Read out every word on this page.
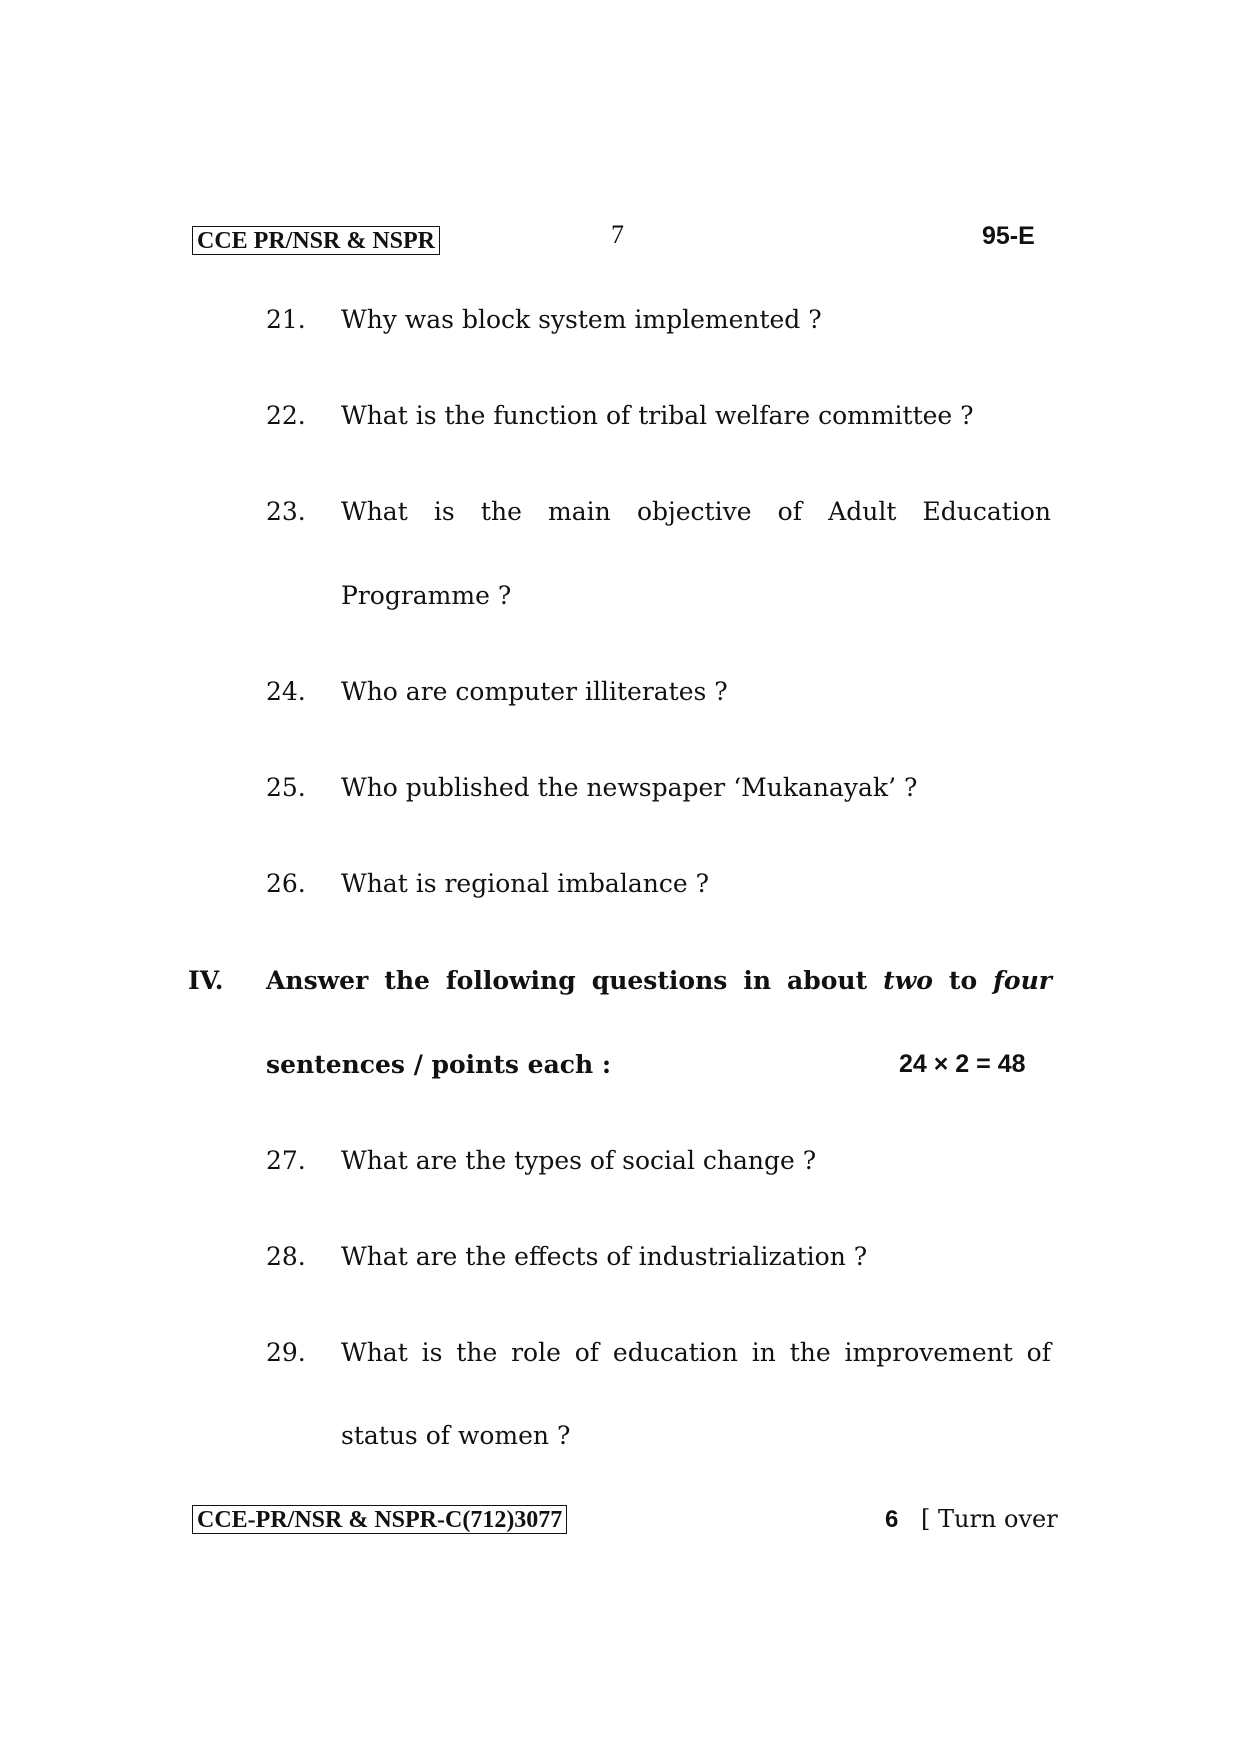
CCE PR/NSR & NSPR	7	95-E
21. Why was block system implemented ?
22. What is the function of tribal welfare committee ?
23. What is the main objective of Adult Education
Programme ?
24. Who are computer illiterates ?
25. Who published the newspaper ‘Mukanayak’ ?
26. What is regional imbalance ?
IV. Answer the following questions in about two to four
sentences / points each :	24 × 2 = 48
27. What are the types of social change ?
28. What are the effects of industrialization ?
29. What is the role of education in the improvement of
status of women ?
CCE-PR/NSR & NSPR-C(712)3077	6 [ Turn over
